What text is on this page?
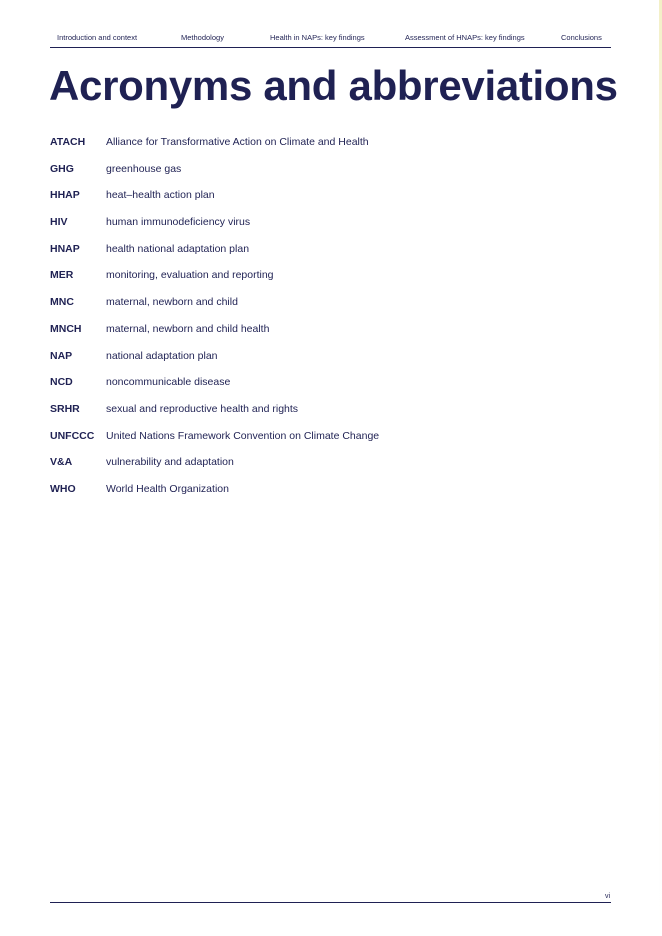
Introduction and context	Methodology	Health in NAPs: key findings	Assessment of HNAPs: key findings	Conclusions
Acronyms and abbreviations
ATACH Alliance for Transformative Action on Climate and Health
GHG	greenhouse gas
HHAP heat–health action plan
HIV	human immunodeficiency virus
HNAP health national adaptation plan
MER	monitoring, evaluation and reporting
MNC	maternal, newborn and child
MNCH maternal, newborn and child health
NAP	national adaptation plan
NCD	noncommunicable disease
SRHR sexual and reproductive health and rights
UNFCCC United Nations Framework Convention on Climate Change
V&A	vulnerability and adaptation
WHO	World Health Organization
vi
